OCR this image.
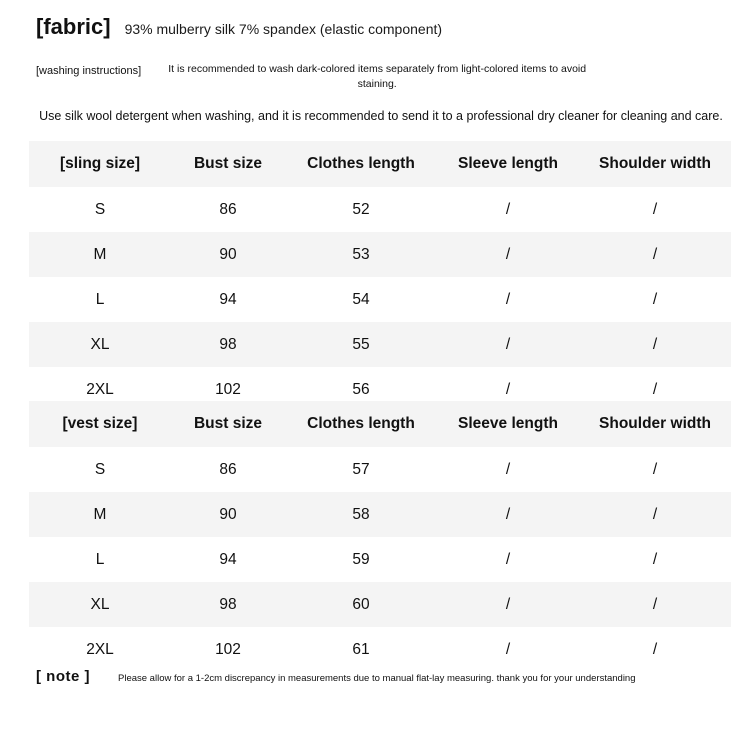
[fabric] 93% mulberry silk 7% spandex (elastic component)
[washing instructions]	It is recommended to wash dark-colored items separately from light-colored items to avoid staining.
Use silk wool detergent when washing, and it is recommended to send it to a professional dry cleaner for cleaning and care.
[sling size]	Bust size	Clothes length	Sleeve length	Shoulder width
S	86	52	/	/
M	90	53	/	/
L	94	54	/	/
XL	98	55	/	/
2XL	102	56	/	/
[vest size]	Bust size	Clothes length	Sleeve length	Shoulder width
S	86	57	/	/
M	90	58	/	/
L	94	59	/	/
XL	98	60	/	/
2XL	102	61	/	/
[ note ]	Please allow for a 1-2cm discrepancy in measurements due to manual flat-lay measuring. thank you for your understanding
